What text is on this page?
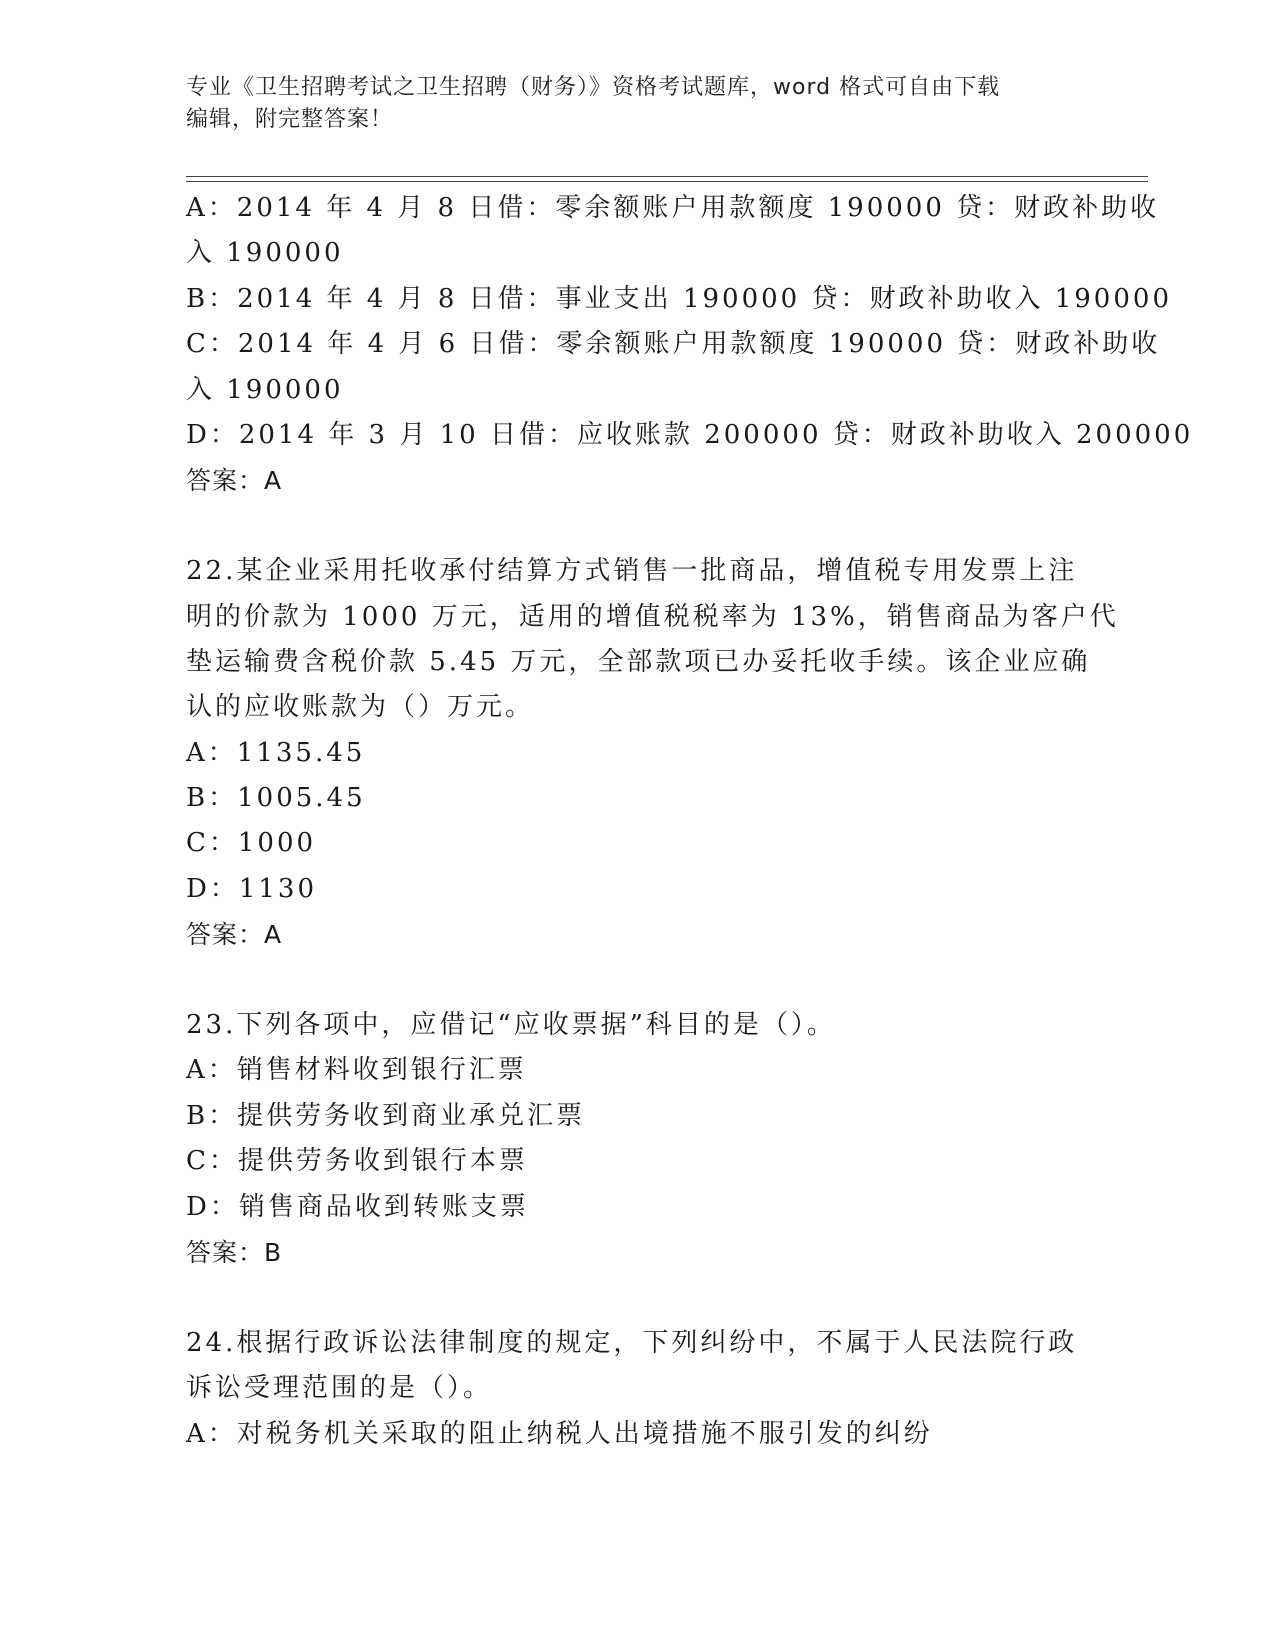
专业《卫生招聘考试之卫生招聘（财务）》资格考试题库，word 格式可自由下载
编辑，附完整答案！
A：2014 年 4 月 8 日借：零余额账户用款额度 190000 贷：财政补助收
入 190000
B：2014 年 4 月 8 日借：事业支出 190000 贷：财政补助收入 190000
C：2014 年 4 月 6 日借：零余额账户用款额度 190000 贷：财政补助收
入 190000
D：2014 年 3 月 10 日借：应收账款 200000 贷：财政补助收入 200000
答案：A
22.某企业采用托收承付结算方式销售一批商品，增值税专用发票上注
明的价款为 1000 万元，适用的增值税税率为 13%，销售商品为客户代
垫运输费含税价款 5.45 万元，全部款项已办妥托收手续。该企业应确
认的应收账款为（）万元。
A：1135.45
B：1005.45
C：1000
D：1130
答案：A
23.下列各项中，应借记“应收票据”科目的是（）。
A：销售材料收到银行汇票
B：提供劳务收到商业承兑汇票
C：提供劳务收到银行本票
D：销售商品收到转账支票
答案：B
24.根据行政诉讼法律制度的规定，下列纠纷中，不属于人民法院行政
诉讼受理范围的是（）。
A：对税务机关采取的阻止纳税人出境措施不服引发的纠纷
